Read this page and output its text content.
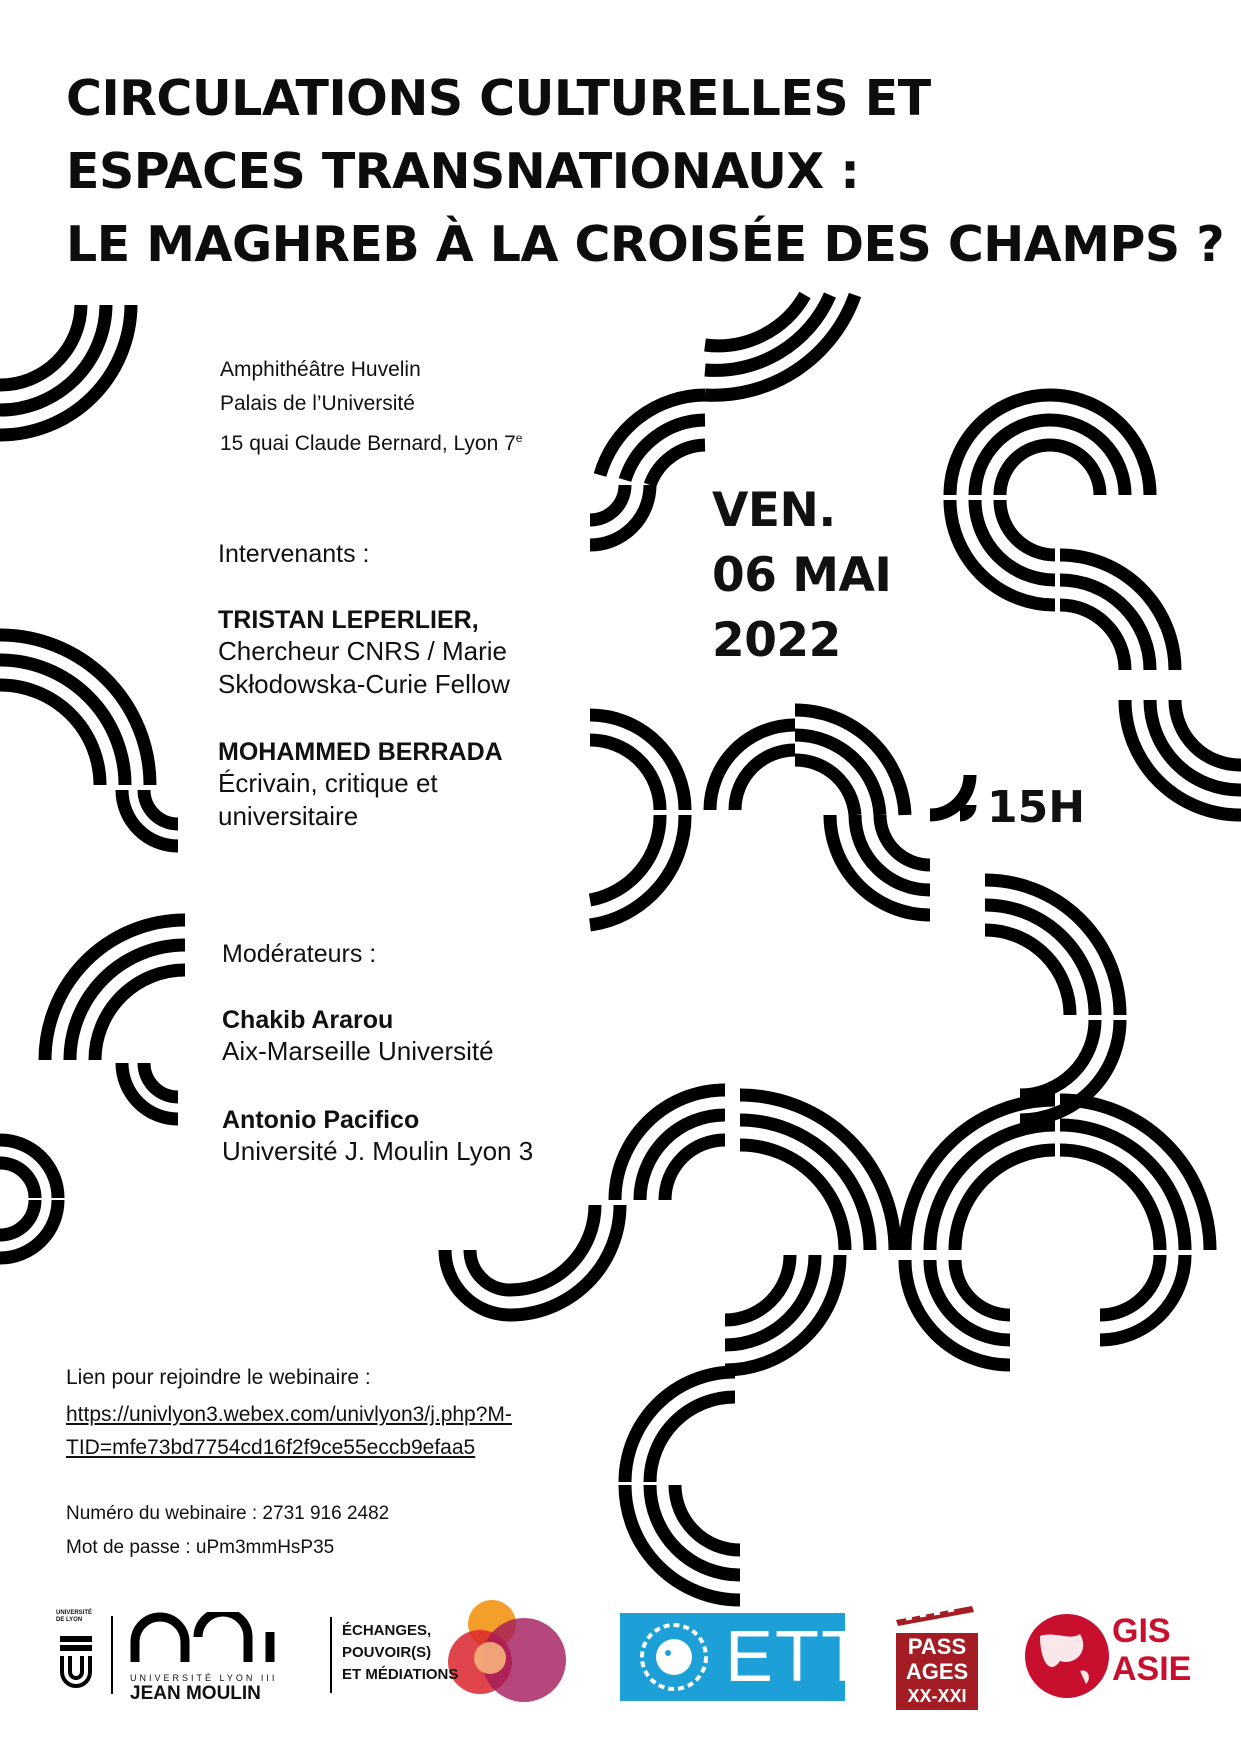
CIRCULATIONS CULTURELLES ET
ESPACES TRANSNATIONAUX :
LE MAGHREB À LA CROISÉE DES CHAMPS ?
Amphithéâtre Huvelin
Palais de l’Université
15 quai Claude Bernard, Lyon 7e
VEN.
06 MAI
2022
15H
Intervenants :
TRISTAN LEPERLIER,
Chercheur CNRS / Marie
Skłodowska-Curie Fellow
MOHAMMED BERRADA
Écrivain, critique et
universitaire
Modérateurs :
Chakib Ararou
Aix-Marseille Université
Antonio Pacifico
Université J. Moulin Lyon 3
Lien pour rejoindre le webinaire :
https://univlyon3.webex.com/univlyon3/j.php?M-
TID=mfe73bd7754cd16f2f9ce55eccb9efaa5
Numéro du webinaire : 2731 916 2482
Mot de passe : uPm3mmHsP35
UNIVERSITÉ DE LYON
UNIVERSITÉ LYON III
JEAN MOULIN
ÉCHANGES,
POUVOIR(S)
ET MÉDIATIONS	ETT	PASS
AGES
XX-XXI
GIS
ASIE
